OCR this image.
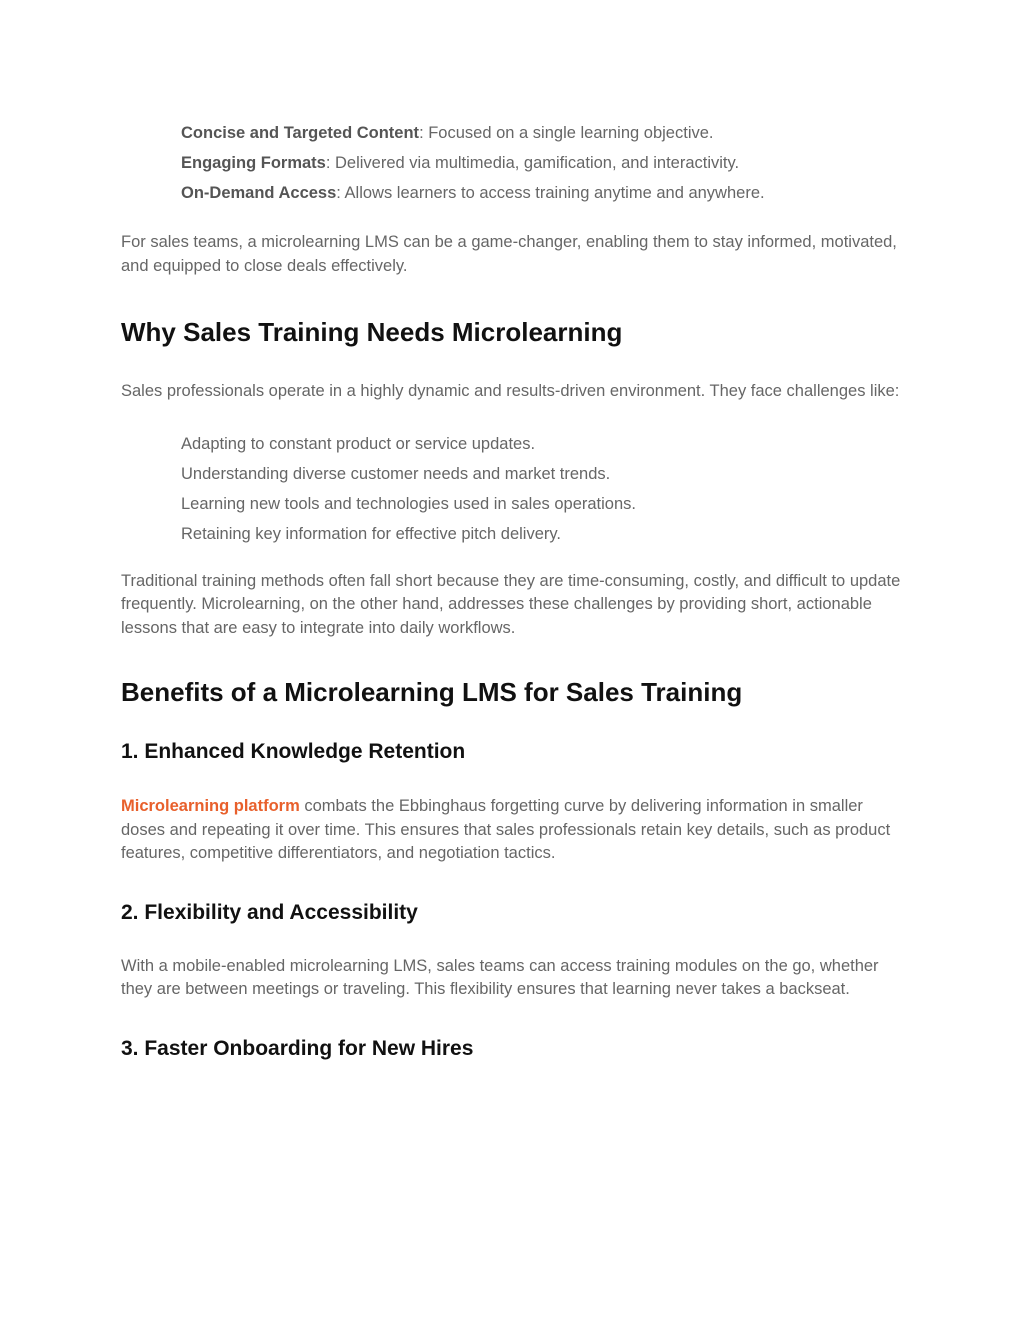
Concise and Targeted Content: Focused on a single learning objective.
Engaging Formats: Delivered via multimedia, gamification, and interactivity.
On-Demand Access: Allows learners to access training anytime and anywhere.

For sales teams, a microlearning LMS can be a game-changer, enabling them to stay informed, motivated, and equipped to close deals effectively.

Why Sales Training Needs Microlearning

Sales professionals operate in a highly dynamic and results-driven environment. They face challenges like:

Adapting to constant product or service updates.
Understanding diverse customer needs and market trends.
Learning new tools and technologies used in sales operations.
Retaining key information for effective pitch delivery.

Traditional training methods often fall short because they are time-consuming, costly, and difficult to update frequently. Microlearning, on the other hand, addresses these challenges by providing short, actionable lessons that are easy to integrate into daily workflows.

Benefits of a Microlearning LMS for Sales Training
1. Enhanced Knowledge Retention

Microlearning platform combats the Ebbinghaus forgetting curve by delivering information in smaller doses and repeating it over time. This ensures that sales professionals retain key details, such as product features, competitive differentiators, and negotiation tactics.

2. Flexibility and Accessibility

With a mobile-enabled microlearning LMS, sales teams can access training modules on the go, whether they are between meetings or traveling. This flexibility ensures that learning never takes a backseat.

3. Faster Onboarding for New Hires
